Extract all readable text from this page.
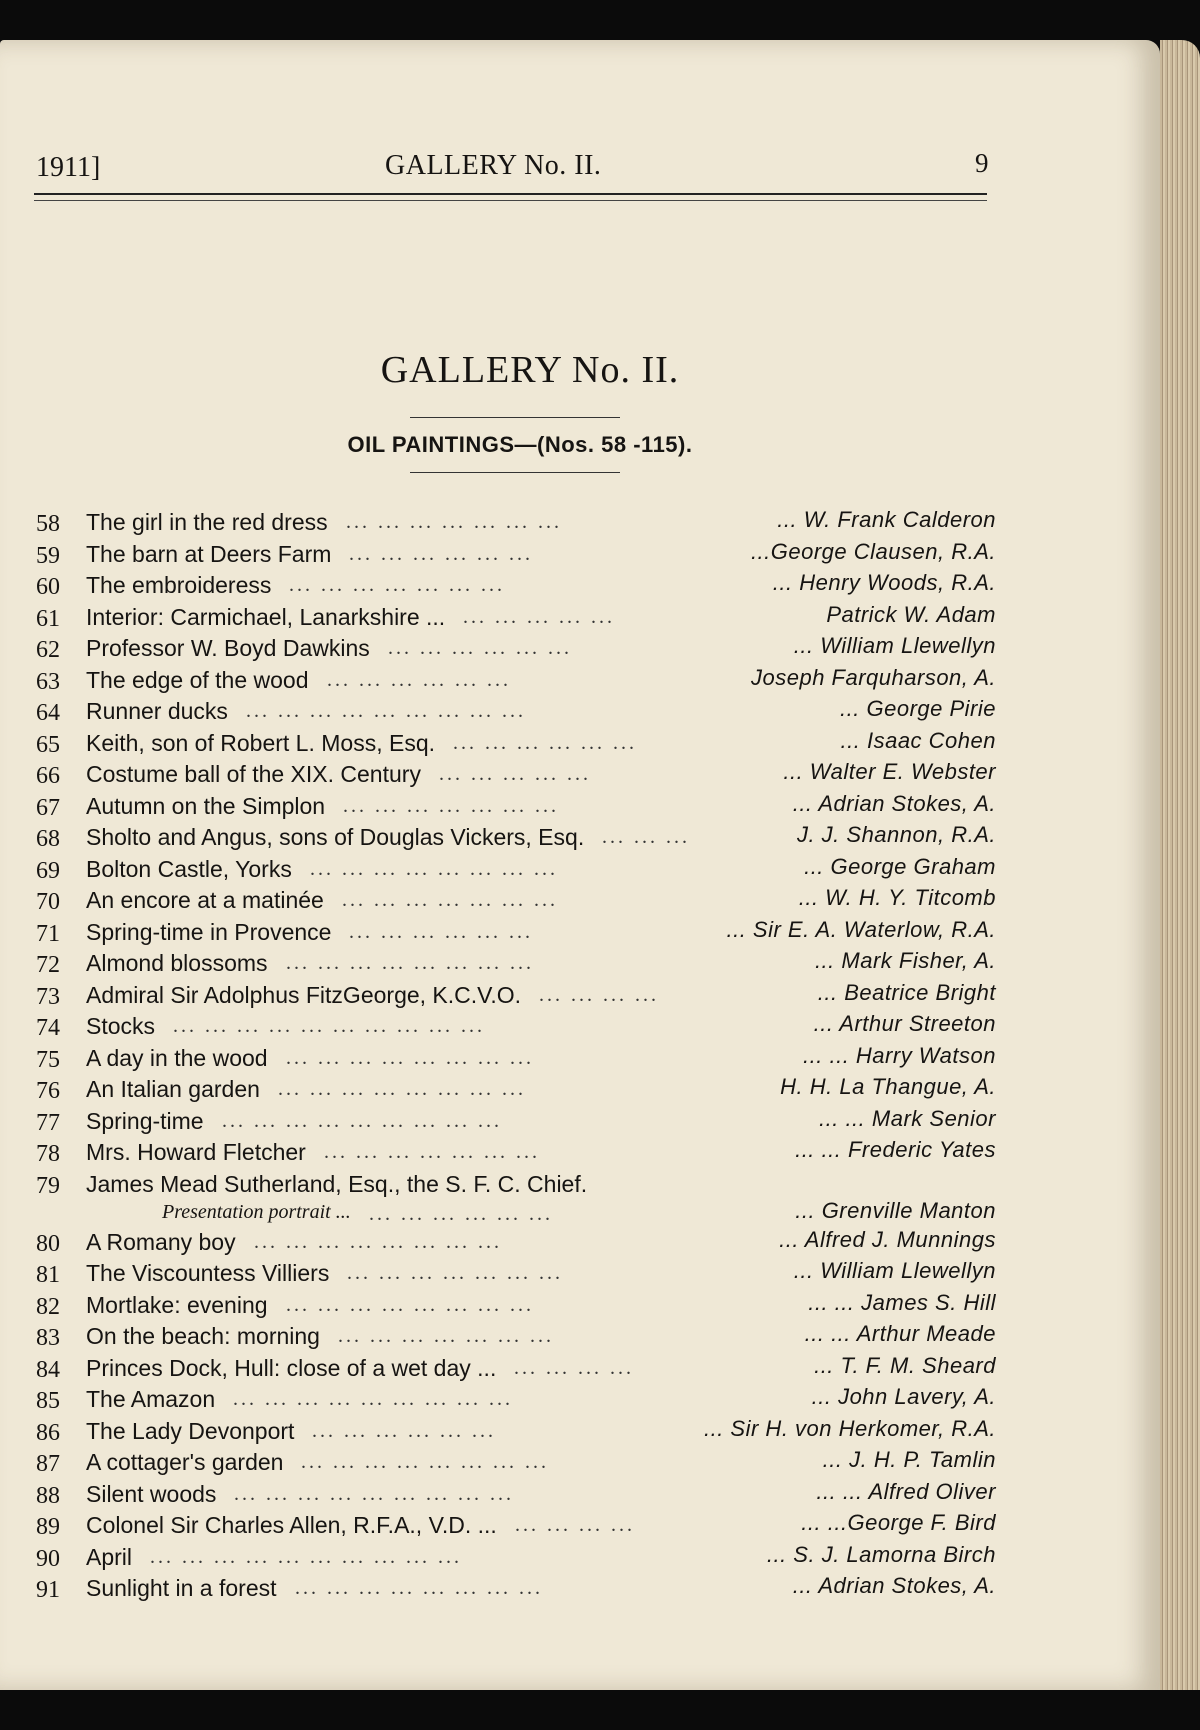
1911]	GALLERY No. II.	9
GALLERY No. II.
OIL PAINTINGS—(Nos. 58 -115).
58	The girl in the red dress ... ... ... ... ... ... ...	... W. Frank Calderon
59	The barn at Deers Farm ... ... ... ... ... ...	...George Clausen, R.A.
60	The embroideress ... ... ... ... ... ... ...	... Henry Woods, R.A.
61	Interior: Carmichael, Lanarkshire ... ... ... ... ... ...	Patrick W. Adam
62	Professor W. Boyd Dawkins ... ... ... ... ... ...	... William Llewellyn
63	The edge of the wood ... ... ... ... ... ...	Joseph Farquharson, A.
64	Runner ducks ... ... ... ... ... ... ... ... ...	... George Pirie
65	Keith, son of Robert L. Moss, Esq. ... ... ... ... ... ...	... Isaac Cohen
66	Costume ball of the XIX. Century ... ... ... ... ...	... Walter E. Webster
67	Autumn on the Simplon ... ... ... ... ... ... ...	... Adrian Stokes, A.
68	Sholto and Angus, sons of Douglas Vickers, Esq. ... ... ...	J. J. Shannon, R.A.
69	Bolton Castle, Yorks ... ... ... ... ... ... ... ...	... George Graham
70	An encore at a matinée ... ... ... ... ... ... ...	... W. H. Y. Titcomb
71	Spring-time in Provence ... ... ... ... ... ...	... Sir E. A. Waterlow, R.A.
72	Almond blossoms ... ... ... ... ... ... ... ...	... Mark Fisher, A.
73	Admiral Sir Adolphus FitzGeorge, K.C.V.O. ... ... ... ...	... Beatrice Bright
74	Stocks ... ... ... ... ... ... ... ... ... ...	... Arthur Streeton
75	A day in the wood ... ... ... ... ... ... ... ...	... ... Harry Watson
76	An Italian garden ... ... ... ... ... ... ... ...	H. H. La Thangue, A.
77	Spring-time ... ... ... ... ... ... ... ... ...	... ... Mark Senior
78	Mrs. Howard Fletcher ... ... ... ... ... ... ...	... ... Frederic Yates
79	James Mead Sutherland, Esq., the S. F. C. Chief.
Presentation portrait ... ... ... ... ... ... ...	... Grenville Manton
80	A Romany boy ... ... ... ... ... ... ... ...	... Alfred J. Munnings
81	The Viscountess Villiers ... ... ... ... ... ... ...	... William Llewellyn
82	Mortlake: evening ... ... ... ... ... ... ... ...	... ... James S. Hill
83	On the beach: morning ... ... ... ... ... ... ...	... ... Arthur Meade
84	Princes Dock, Hull: close of a wet day ... ... ... ... ...	... T. F. M. Sheard
85	The Amazon ... ... ... ... ... ... ... ... ...	... John Lavery, A.
86	The Lady Devonport ... ... ... ... ... ...	... Sir H. von Herkomer, R.A.
87	A cottager's garden ... ... ... ... ... ... ... ...	... J. H. P. Tamlin
88	Silent woods ... ... ... ... ... ... ... ... ...	... ... Alfred Oliver
89	Colonel Sir Charles Allen, R.F.A., V.D. ... ... ... ... ...	... ...George F. Bird
90	April ... ... ... ... ... ... ... ... ... ...	... S. J. Lamorna Birch
91	Sunlight in a forest ... ... ... ... ... ... ... ...	... Adrian Stokes, A.
